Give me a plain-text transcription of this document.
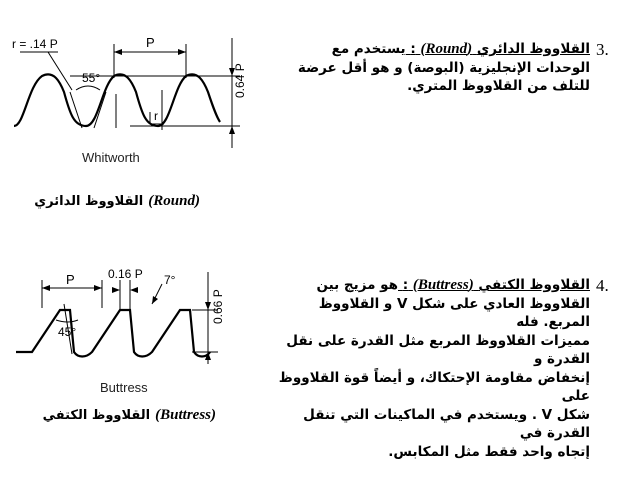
r = .14 P	P
55°
r
0.64 P
Whitworth
(Round) القلاووظ الدائري
3.
القلاووظ الدائري (Round) : يستخدم مع
الوحدات الإنجليزية (البوصة) و هو أقل عرضة
للتلف من القلاووظ المتري.
P	0.16 P 7°
45°
0.66 P
Buttress
(Buttress) القلاووظ الكتفي
4.
القلاووظ الكتفي (Buttress) : هو مزيج بين
القلاووظ العادي على شكل V و القلاووظ المربع. فله
مميزات القلاووظ المربع مثل القدرة على نقل القدرة و
إنخفاض مقاومة الإحتكاك، و أيضاً قوة القلاووظ على
شكل V . ويستخدم في الماكينات التي تنقل القدرة في
إتجاه واحد فقط مثل المكابس.
